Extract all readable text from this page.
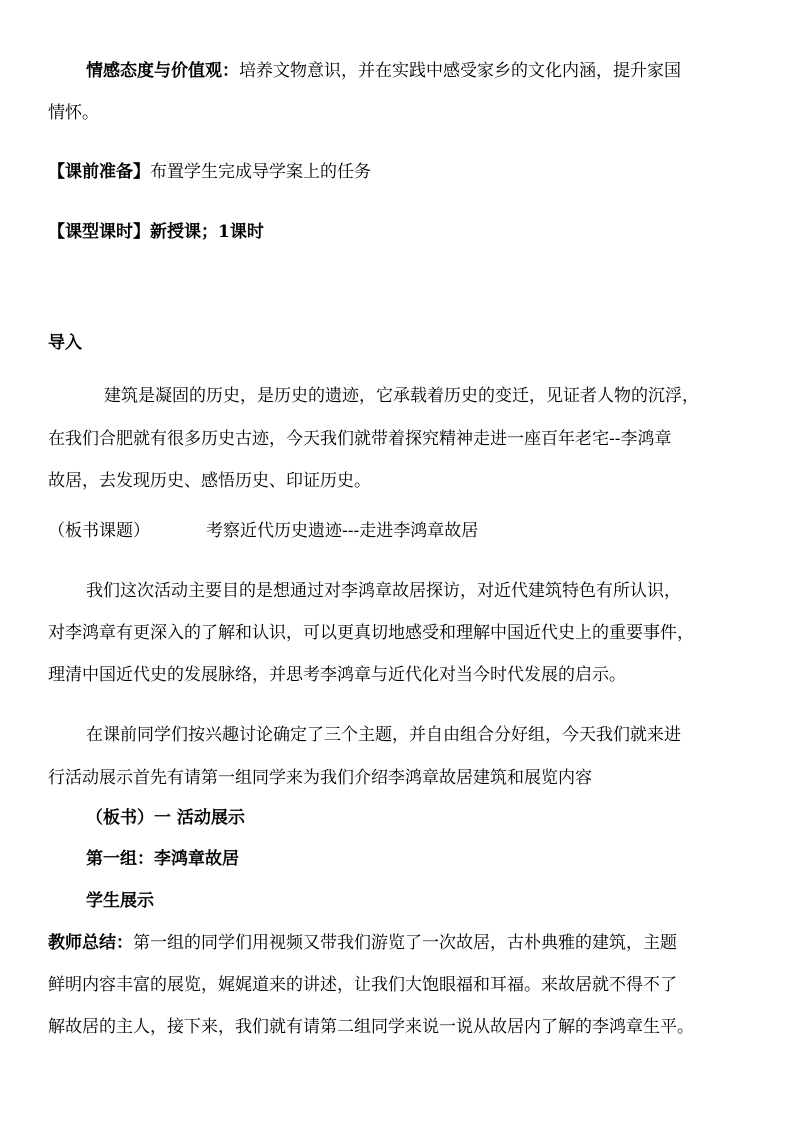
情感态度与价值观：培养文物意识，并在实践中感受家乡的文化内涵，提升家国
情怀。
【课前准备】布置学生完成导学案上的任务
【课型课时】新授课；1课时
导入
建筑是凝固的历史，是历史的遗迹，它承载着历史的变迁，见证者人物的沉浮，
在我们合肥就有很多历史古迹，今天我们就带着探究精神走进一座百年老宅--李鸿章
故居，去发现历史、感悟历史、印证历史。
（板书课题）	考察近代历史遗迹---走进李鸿章故居
我们这次活动主要目的是想通过对李鸿章故居探访，对近代建筑特色有所认识，
对李鸿章有更深入的了解和认识，可以更真切地感受和理解中国近代史上的重要事件，
理清中国近代史的发展脉络，并思考李鸿章与近代化对当今时代发展的启示。
在课前同学们按兴趣讨论确定了三个主题，并自由组合分好组，今天我们就来进
行活动展示首先有请第一组同学来为我们介绍李鸿章故居建筑和展览内容
（板书）一 活动展示
第一组：李鸿章故居
学生展示
教师总结：第一组的同学们用视频又带我们游览了一次故居，古朴典雅的建筑，主题
鲜明内容丰富的展览，娓娓道来的讲述，让我们大饱眼福和耳福。来故居就不得不了
解故居的主人，接下来，我们就有请第二组同学来说一说从故居内了解的李鸿章生平。
